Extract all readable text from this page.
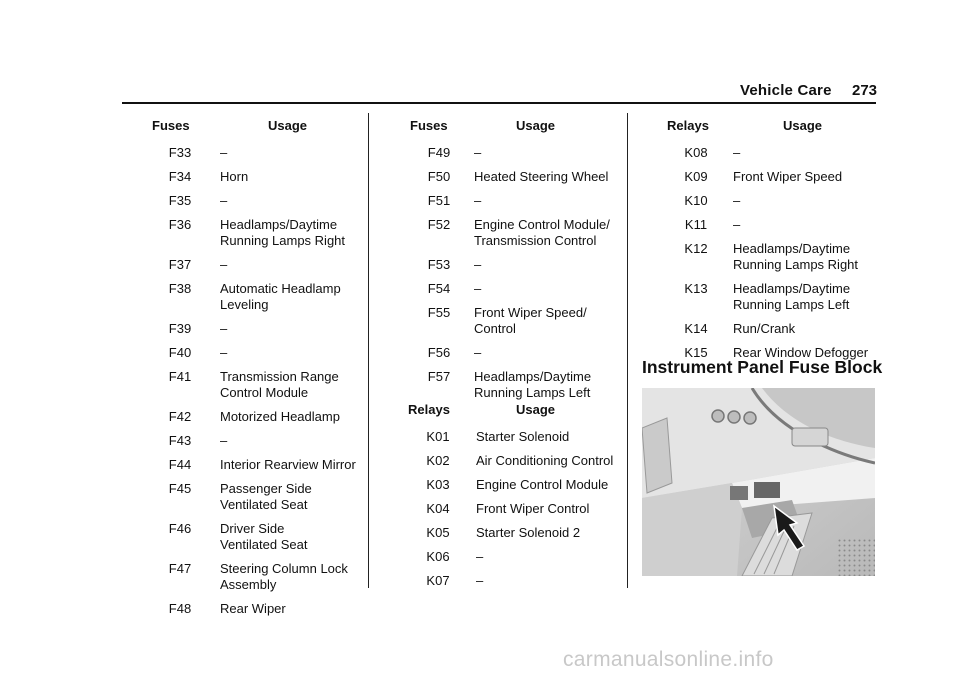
Vehicle Care 273
Fuses	Usage
F33	–
F34	Horn
F35	–
F36	Headlamps/Daytime
Running Lamps Right
F37	–
F38	Automatic Headlamp
Leveling
F39	–
F40	–
F41	Transmission Range
Control Module
F42	Motorized Headlamp
F43	–
F44	Interior Rearview Mirror
F45	Passenger Side
Ventilated Seat
F46	Driver Side
Ventilated Seat
F47	Steering Column Lock
Assembly
F48	Rear Wiper
Fuses	Usage
F49	–
F50	Heated Steering Wheel
F51	–
F52	Engine Control Module/
Transmission Control
F53	–
F54	–
F55	Front Wiper Speed/
Control
F56	–
F57	Headlamps/Daytime
Running Lamps Left
Relays	Usage
K01	Starter Solenoid
K02	Air Conditioning Control
K03	Engine Control Module
K04	Front Wiper Control
K05	Starter Solenoid 2
K06	–
K07	–
Relays	Usage
K08	–
K09	Front Wiper Speed
K10	–
K11	–
K12	Headlamps/Daytime
Running Lamps Right
K13	Headlamps/Daytime
Running Lamps Left
K14	Run/Crank
K15	Rear Window Defogger
Instrument Panel Fuse Block
carmanualsonline.info
